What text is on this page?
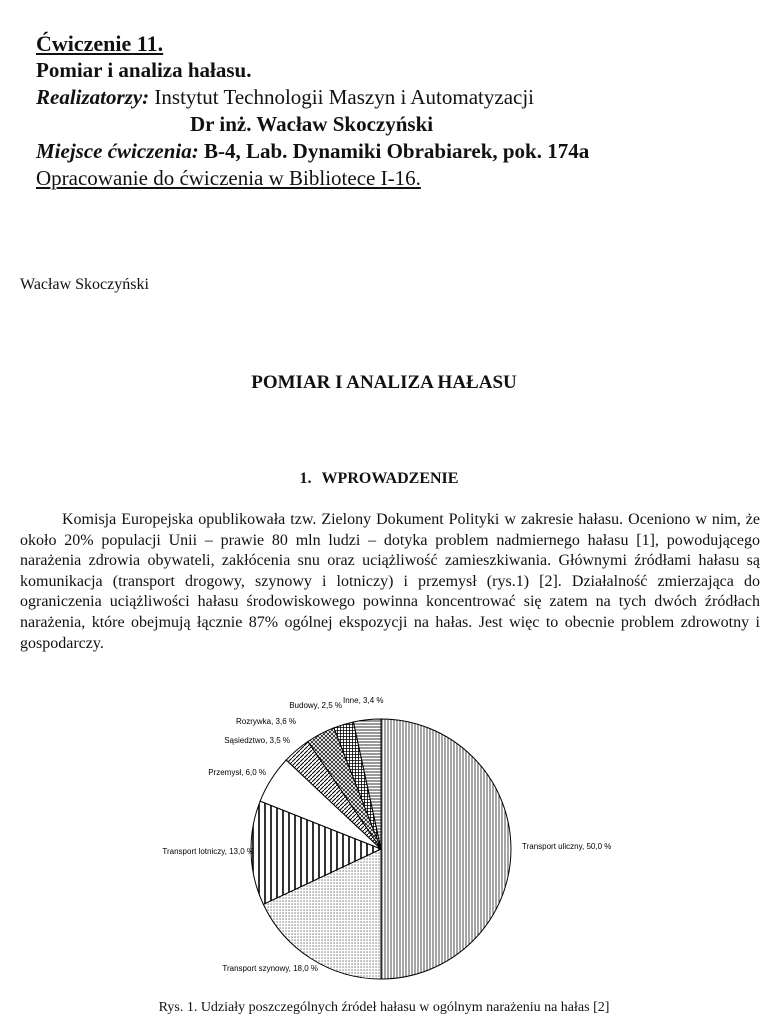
Ćwiczenie 11.
Pomiar i analiza hałasu.
Realizatorzy: Instytut Technologii Maszyn i Automatyzacji
Dr inż. Wacław Skoczyński
Miejsce ćwiczenia: B-4, Lab. Dynamiki Obrabiarek, pok. 174a
Opracowanie do ćwiczenia w Bibliotece I-16.
Wacław Skoczyński
POMIAR I ANALIZA HAŁASU
1. WPROWADZENIE

Komisja Europejska opublikowała tzw. Zielony Dokument Polityki w zakresie hałasu. Oceniono w nim, że około 20% populacji Unii – prawie 80 mln ludzi – dotyka problem nadmiernego hałasu [1], powodującego narażenia zdrowia obywateli, zakłócenia snu oraz uciążliwość zamieszkiwania. Głównymi źródłami hałasu są komunikacja (transport drogowy, szynowy i lotniczy) i przemysł (rys.1) [2]. Działalność zmierzająca do ograniczenia uciążliwości hałasu środowiskowego powinna koncentrować się zatem na tych dwóch źródłach narażenia, które obejmują łącznie 87% ogólnej ekspozycji na hałas. Jest więc to obecnie problem zdrowotny i gospodarczy.

Transport uliczny, 50,0 %
Transport szynowy, 18,0 %
Transport lotniczy, 13,0 %
Przemysł, 6,0 %
Sąsiedztwo, 3,5 %
Rozrywka, 3,6 %
Budowy, 2,5 %
Inne, 3,4 %
Rys. 1. Udziały poszczególnych źródeł hałasu w ogólnym narażeniu na hałas [2]
